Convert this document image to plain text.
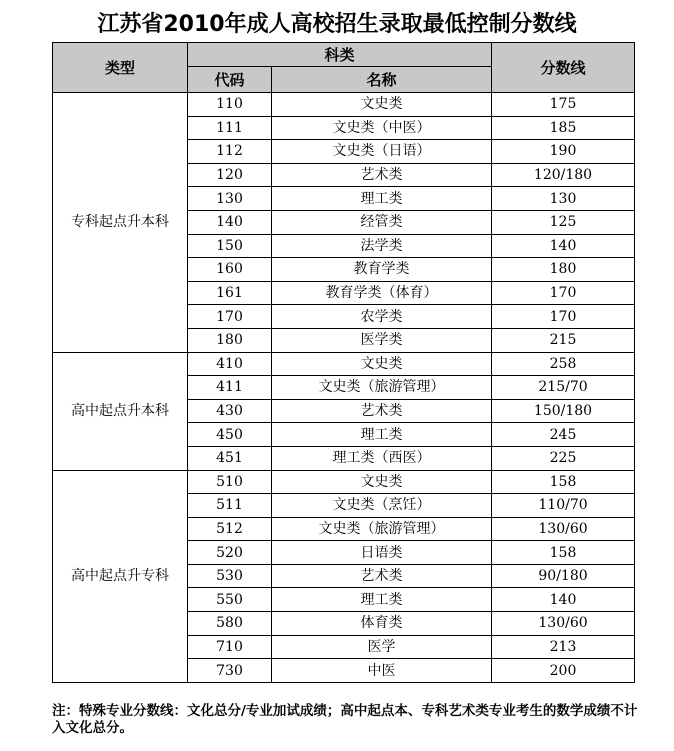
江苏省2010年成人高校招生录取最低控制分数线
类型	科类		分数线
	代码	名称	
专科起点升本科	110	文史类	175
	111	文史类（中医）	185
	112	文史类（日语）	190
	120	艺术类	120/180
	130	理工类	130
	140	经管类	125
	150	法学类	140
	160	教育学类	180
	161	教育学类（体育）	170
	170	农学类	170
	180	医学类	215
高中起点升本科	410	文史类	258
	411	文史类（旅游管理）	215/70
	430	艺术类	150/180
	450	理工类	245
	451	理工类（西医）	225
高中起点升专科	510	文史类	158
	511	文史类（烹饪）	110/70
	512	文史类（旅游管理）	130/60
	520	日语类	158
	530	艺术类	90/180
	550	理工类	140
	580	体育类	130/60
	710	医学	213
	730	中医	200
注：特殊专业分数线：文化总分/专业加试成绩；高中起点本、专科艺术类专业考生的数学成绩不计入文化总分。
